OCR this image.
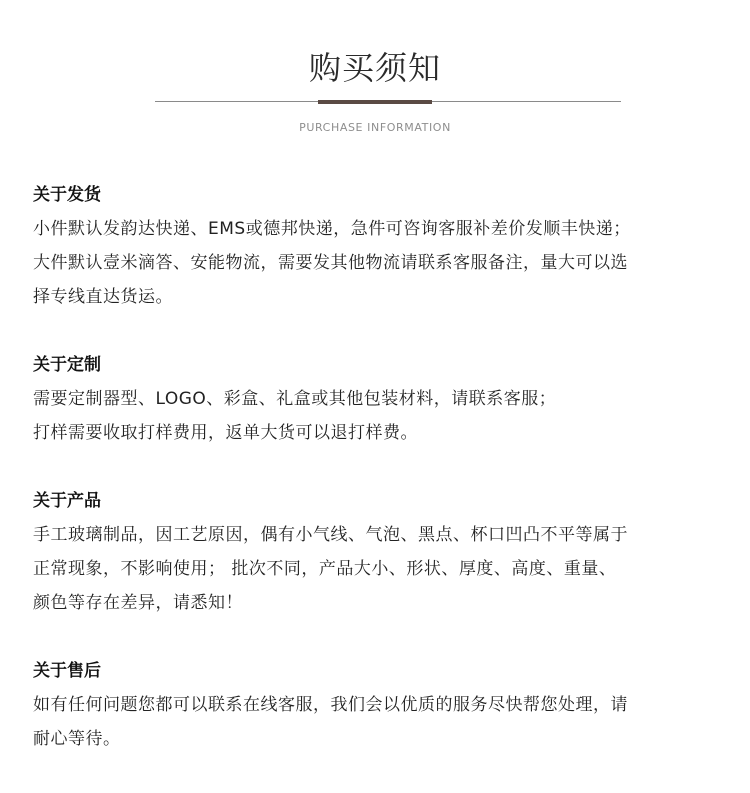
购买须知
PURCHASE INFORMATION
关于发货
小件默认发韵达快递、EMS或德邦快递，急件可咨询客服补差价发顺丰快递；
大件默认壹米滴答、安能物流，需要发其他物流请联系客服备注，量大可以选
择专线直达货运。
关于定制
需要定制器型、LOGO、彩盒、礼盒或其他包装材料，请联系客服；
打样需要收取打样费用，返单大货可以退打样费。
关于产品
手工玻璃制品，因工艺原因，偶有小气线、气泡、黑点、杯口凹凸不平等属于
正常现象，不影响使用； 批次不同，产品大小、形状、厚度、高度、重量、
颜色等存在差异，请悉知！
关于售后
如有任何问题您都可以联系在线客服，我们会以优质的服务尽快帮您处理，请
耐心等待。
